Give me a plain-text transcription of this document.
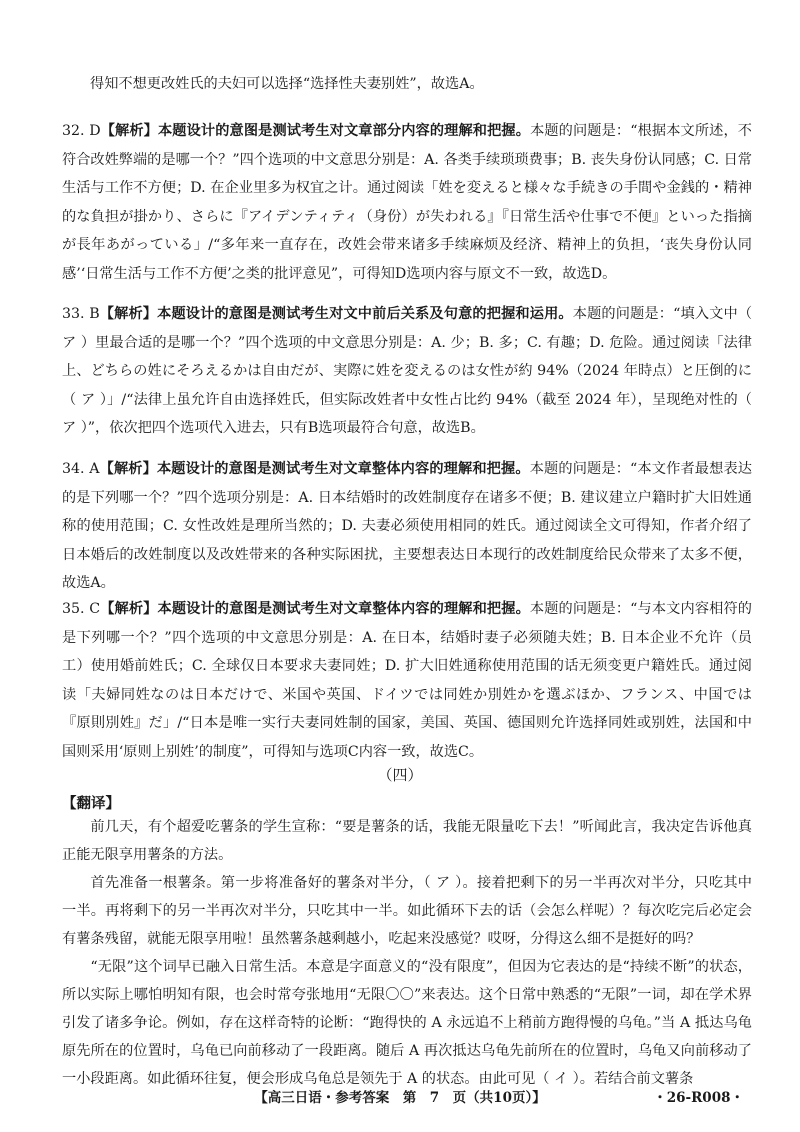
得知不想更改姓氏的夫妇可以选择“选择性夫妻别姓”，故选A。
32. D【解析】本题设计的意图是测试考生对文章部分内容的理解和把握。本题的问题是：“根据本文所述，不符合改姓弊端的是哪一个？”四个选项的中文意思分别是：A. 各类手续琐琐费事；B. 丧失身份认同感；C. 日常生活与工作不方便；D. 在企业里多为权宜之计。通过阅读「姓を変えると様々な手続きの手間や金銭的・精神的な負担が掛かり、さらに『アイデンティティ（身份）が失われる』『日常生活や仕事で不便』といった指摘が長年あがっている」/“多年来一直存在，改姓会带来诸多手续麻烦及经济、精神上的负担，‘丧失身份认同感’‘日常生活与工作不方便’之类的批评意见”，可得知D选项内容与原文不一致，故选D。
33. B【解析】本题设计的意图是测试考生对文中前后关系及句意的把握和运用。本题的问题是：“填入文中（ ア ）里最合适的是哪一个？”四个选项的中文意思分别是：A. 少；B. 多；C. 有趣；D. 危险。通过阅读「法律上、どちらの姓にそろえるかは自由だが、実際に姓を変えるのは女性が約 94%（2024 年時点）と圧倒的に（ ア ）」/“法律上虽允许自由选择姓氏，但实际改姓者中女性占比约 94%（截至 2024 年），呈现绝对性的（ ア ）”，依次把四个选项代入进去，只有B选项最符合句意，故选B。
34. A【解析】本题设计的意图是测试考生对文章整体内容的理解和把握。本题的问题是：“本文作者最想表达的是下列哪一个？”四个选项分别是：A. 日本结婚时的改姓制度存在诸多不便；B. 建议建立户籍时扩大旧姓通称的使用范围；C. 女性改姓是理所当然的；D. 夫妻必须使用相同的姓氏。通过阅读全文可得知，作者介绍了日本婚后的改姓制度以及改姓带来的各种实际困扰，主要想表达日本现行的改姓制度给民众带来了太多不便，故选A。
35. C【解析】本题设计的意图是测试考生对文章整体内容的理解和把握。本题的问题是：“与本文内容相符的是下列哪一个？”四个选项的中文意思分别是：A. 在日本，结婚时妻子必须随夫姓；B. 日本企业不允许（员工）使用婚前姓氏；C. 全球仅日本要求夫妻同姓；D. 扩大旧姓通称使用范围的话无须变更户籍姓氏。通过阅读「夫婦同姓なのは日本だけで、米国や英国、ドイツでは同姓か別姓かを選ぶほか、フランス、中国では『原則別姓』だ」/“日本是唯一实行夫妻同姓制的国家，美国、英国、德国则允许选择同姓或别姓，法国和中国则采用‘原则上别姓’的制度”，可得知与选项C内容一致，故选C。
（四）
【翻译】
前几天，有个超爱吃薯条的学生宣称：“要是薯条的话，我能无限量吃下去！”听闻此言，我决定告诉他真正能无限享用薯条的方法。
首先准备一根薯条。第一步将准备好的薯条对半分，（ ア ）。接着把剩下的另一半再次对半分，只吃其中一半。再将剩下的另一半再次对半分，只吃其中一半。如此循环下去的话（会怎么样呢）？每次吃完后必定会有薯条残留，就能无限享用啦！虽然薯条越剩越小，吃起来没感觉？哎呀，分得这么细不是挺好的吗？
“无限”这个词早已融入日常生活。本意是字面意义的“没有限度”，但因为它表达的是“持续不断”的状态，所以实际上哪怕明知有限，也会时常夸张地用“无限〇〇”来表达。这个日常中熟悉的“无限”一词，却在学术界引发了诸多争论。例如，存在这样奇特的论断：“跑得快的 A 永远追不上稍前方跑得慢的乌龟。”当 A 抵达乌龟原先所在的位置时，乌龟已向前移动了一段距离。随后 A 再次抵达乌龟先前所在的位置时，乌龟又向前移动了一小段距离。如此循环往复，便会形成乌龟总是领先于 A 的状态。由此可见（ イ ）。若结合前文薯条
【高三日语・参考答案　第　7　页（共10页）】	・26-R008・
